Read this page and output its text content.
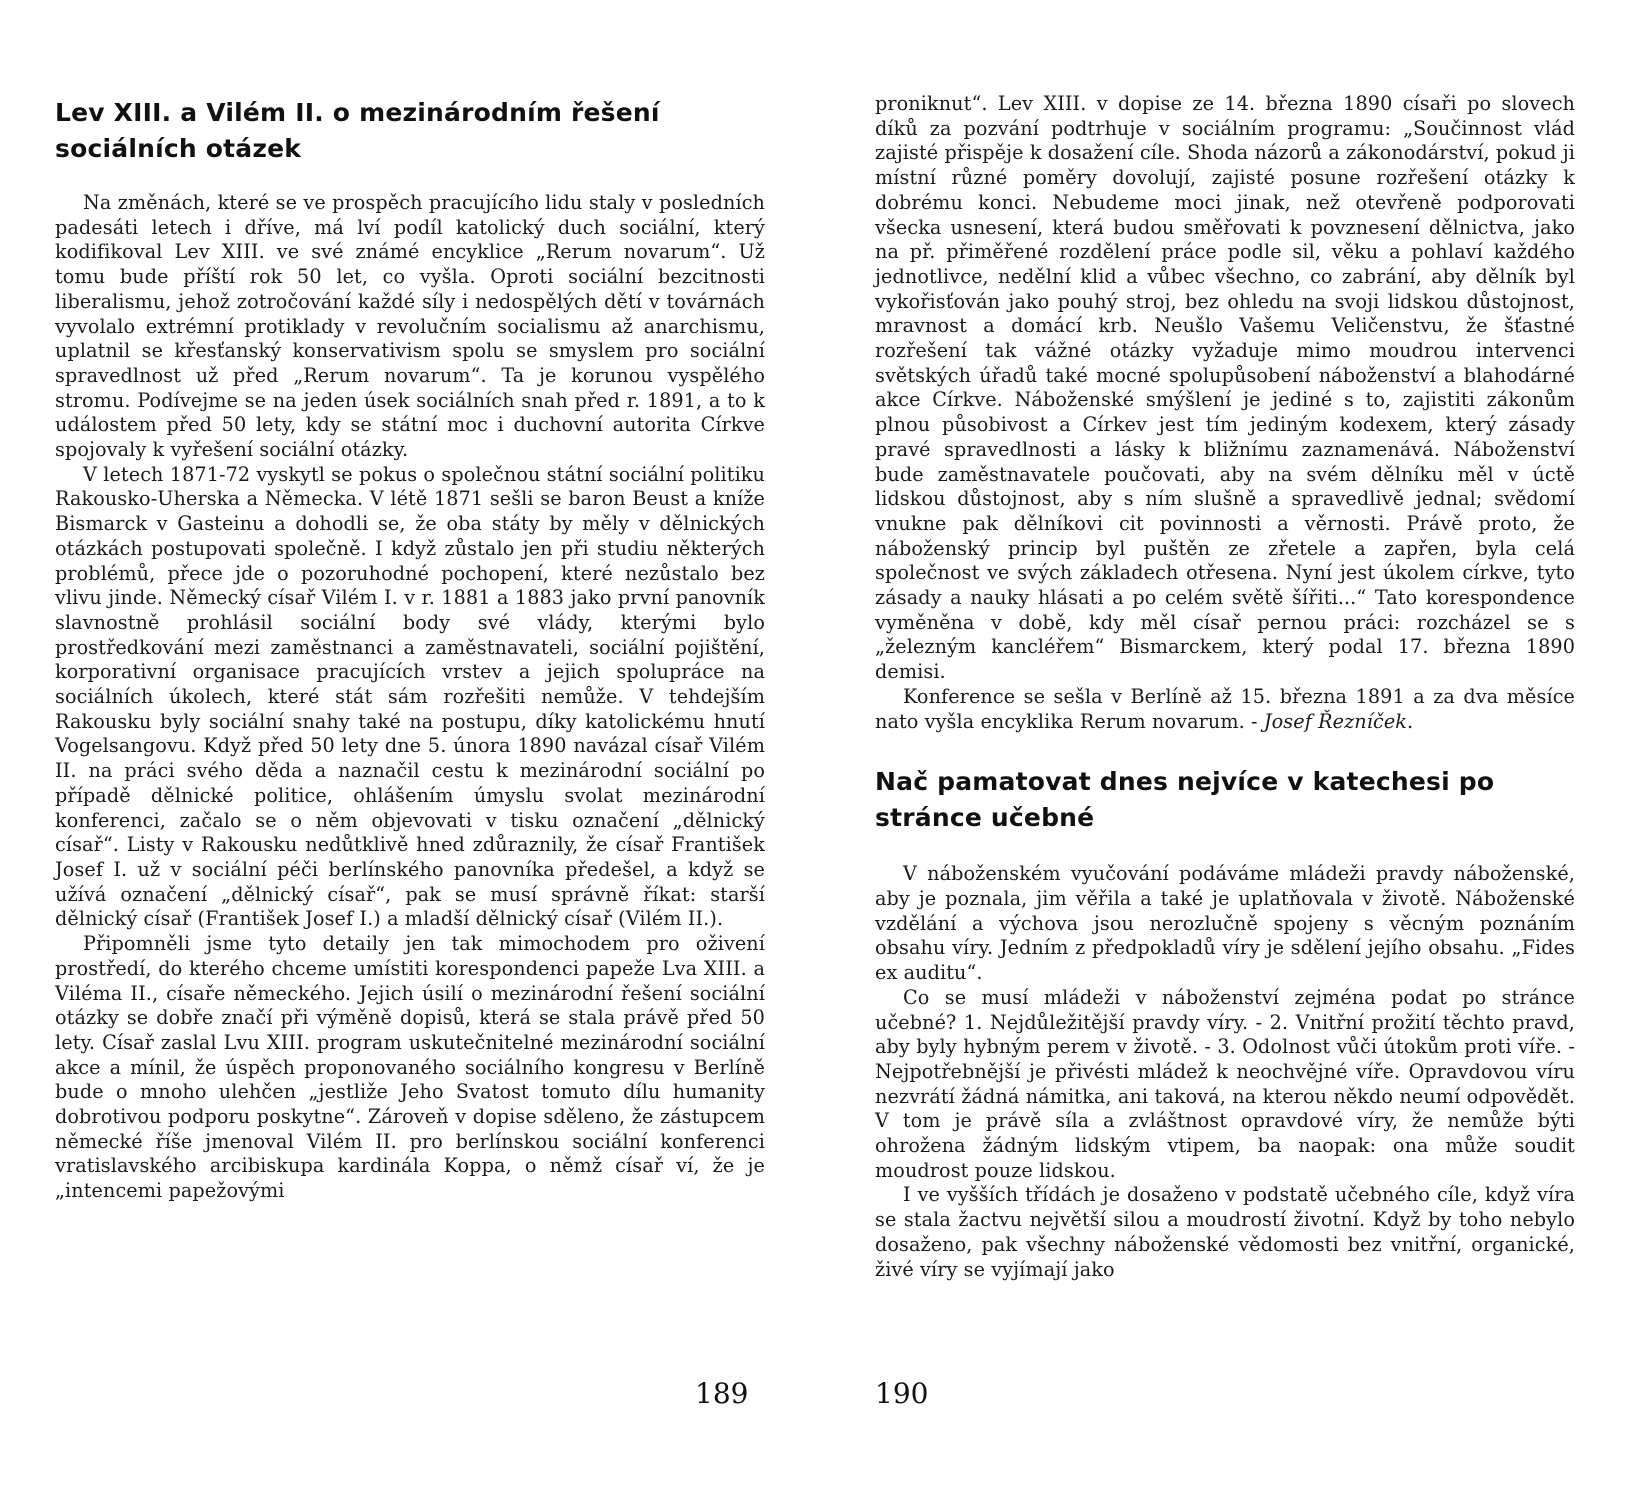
Lev XIII. a Vilém II. o mezinárodním řešení sociálních otázek

Na změnách, které se ve prospěch pracujícího lidu staly v posledních padesáti letech i dříve, má lví podíl katolický duch sociální, který kodifikoval Lev XIII. ve své známé encyklice „Rerum novarum“. Už tomu bude příští rok 50 let, co vyšla. Oproti sociální bezcitnosti liberalismu, jehož zotročování každé síly i nedospělých dětí v továrnách vyvolalo extrémní protiklady v revolučním socialismu až anarchismu, uplatnil se křesťanský konservativism spolu se smyslem pro sociální spravedlnost už před „Rerum novarum“. Ta je korunou vyspělého stromu. Podívejme se na jeden úsek sociálních snah před r. 1891, a to k událostem před 50 lety, kdy se státní moc i duchovní autorita Církve spojovaly k vyřešení sociální otázky.

V letech 1871-72 vyskytl se pokus o společnou státní sociální politiku Rakousko-Uherska a Německa. V létě 1871 sešli se baron Beust a kníže Bismarck v Gasteinu a dohodli se, že oba státy by měly v dělnických otázkách postupovati společně. I když zůstalo jen při studiu některých problémů, přece jde o pozoruhodné pochopení, které nezůstalo bez vlivu jinde. Německý císař Vilém I. v r. 1881 a 1883 jako první panovník slavnostně prohlásil sociální body své vlády, kterými bylo prostředkování mezi zaměstnanci a zaměstnavateli, sociální pojištění, korporativní organisace pracujících vrstev a jejich spolupráce na sociálních úkolech, které stát sám rozřešiti nemůže. V tehdejším Rakousku byly sociální snahy také na postupu, díky katolickému hnutí Vogelsangovu. Když před 50 lety dne 5. února 1890 navázal císař Vilém II. na práci svého děda a naznačil cestu k mezinárodní sociální po případě dělnické politice, ohlášením úmyslu svolat mezinárodní konferenci, začalo se o něm objevovati v tisku označení „dělnický císař“. Listy v Rakousku nedůtklivě hned zdůraznily, že císař František Josef I. už v sociální péči berlínského panovníka předešel, a když se užívá označení „dělnický císař“, pak se musí správně říkat: starší dělnický císař (František Josef I.) a mladší dělnický císař (Vilém II.).

Připomněli jsme tyto detaily jen tak mimochodem pro oživení prostředí, do kterého chceme umístiti korespondenci papeže Lva XIII. a Viléma II., císaře německého. Jejich úsilí o mezinárodní řešení sociální otázky se dobře značí při výměně dopisů, která se stala právě před 50 lety. Císař zaslal Lvu XIII. program uskutečnitelné mezinárodní sociální akce a mínil, že úspěch proponovaného sociálního kongresu v Berlíně bude o mnoho ulehčen „jestliže Jeho Svatost tomuto dílu humanity dobrotivou podporu poskytne“. Zároveň v dopise sděleno, že zástupcem německé říše jmenoval Vilém II. pro berlínskou sociální konferenci vratislavského arcibiskupa kardinála Koppa, o němž císař ví, že je „intencemi papežovými

189

proniknut“. Lev XIII. v dopise ze 14. března 1890 císaři po slovech díků za pozvání podtrhuje v sociálním programu: „Součinnost vlád zajisté přispěje k dosažení cíle. Shoda názorů a zákonodárství, pokud ji místní různé poměry dovolují, zajisté posune rozřešení otázky k dobrému konci. Nebudeme moci jinak, než otevřeně podporovati všecka usnesení, která budou směřovati k povznesení dělnictva, jako na př. přiměřené rozdělení práce podle sil, věku a pohlaví každého jednotlivce, nedělní klid a vůbec všechno, co zabrání, aby dělník byl vykořisťován jako pouhý stroj, bez ohledu na svoji lidskou důstojnost, mravnost a domácí krb. Neušlo Vašemu Veličenstvu, že šťastné rozřešení tak vážné otázky vyžaduje mimo moudrou intervenci světských úřadů také mocné spolupůsobení náboženství a blahodárné akce Církve. Náboženské smýšlení je jediné s to, zajistiti zákonům plnou působivost a Církev jest tím jediným kodexem, který zásady pravé spravedlnosti a lásky k bližnímu zaznamenává. Náboženství bude zaměstnavatele poučovati, aby na svém dělníku měl v úctě lidskou důstojnost, aby s ním slušně a spravedlivě jednal; svědomí vnukne pak dělníkovi cit povinnosti a věrnosti. Právě proto, že náboženský princip byl puštěn ze zřetele a zapřen, byla celá společnost ve svých základech otřesena. Nyní jest úkolem církve, tyto zásady a nauky hlásati a po celém světě šířiti...“ Tato korespondence vyměněna v době, kdy měl císař pernou práci: rozcházel se s „železným kancléřem“ Bismarckem, který podal 17. března 1890 demisi.

Konference se sešla v Berlíně až 15. března 1891 a za dva měsíce nato vyšla encyklika Rerum novarum. - Josef Řezníček.

Nač pamatovat dnes nejvíce v katechesi po stránce učebné

V náboženském vyučování podáváme mládeži pravdy náboženské, aby je poznala, jim věřila a také je uplatňovala v životě. Náboženské vzdělání a výchova jsou nerozlučně spojeny s věcným poznáním obsahu víry. Jedním z předpokladů víry je sdělení jejího obsahu. „Fides ex auditu“.

Co se musí mládeži v náboženství zejména podat po stránce učebné? 1. Nejdůležitější pravdy víry. - 2. Vnitřní prožití těchto pravd, aby byly hybným perem v životě. - 3. Odolnost vůči útokům proti víře. - Nejpotřebnější je přivésti mládež k neochvějné víře. Opravdovou víru nezvrátí žádná námitka, ani taková, na kterou někdo neumí odpovědět. V tom je právě síla a zvláštnost opravdové víry, že nemůže býti ohrožena žádným lidským vtipem, ba naopak: ona může soudit moudrost pouze lidskou.

I ve vyšších třídách je dosaženo v podstatě učebného cíle, když víra se stala žactvu největší silou a moudrostí životní. Když by toho nebylo dosaženo, pak všechny náboženské vědomosti bez vnitřní, organické, živé víry se vyjímají jako

190
